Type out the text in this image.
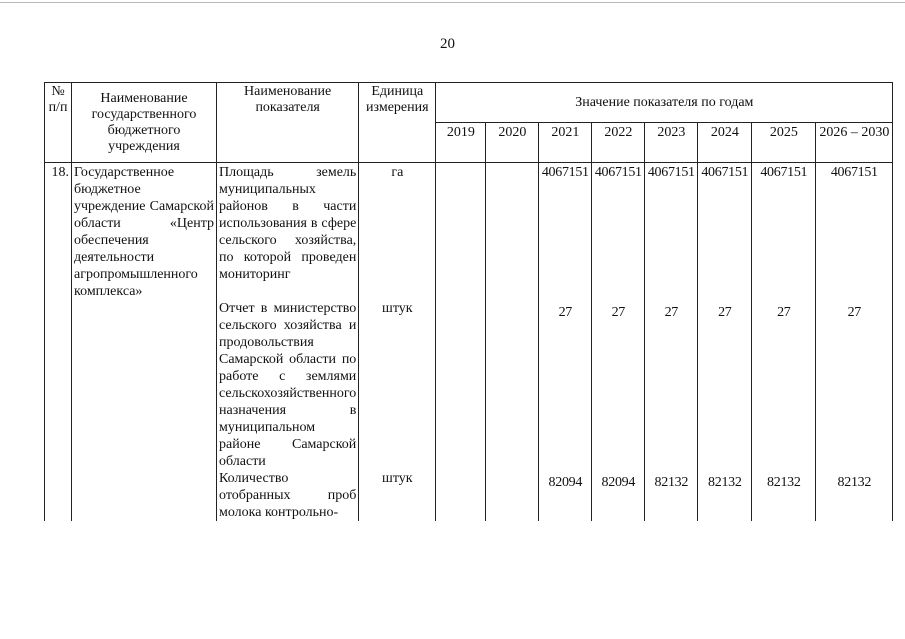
20
№ п/п	Наименование государственного бюджетного учреждения	Наименование показателя	Единица измерения	Значение показателя по годам							
				2019	2020	2021	2022	2023	2024	2025	2026 – 2030
18.	Государственное бюджетное учреждение Самарской области «Центр обеспечения деятельности агропромышленного комплекса»	Площадь земель муниципальных районов в части использования в сфере сельского хозяйства, по которой проведен мониторинг	га			4067151	4067151	4067151	4067151	4067151	4067151
		Отчет в министерство сельского хозяйства и продовольствия Самарской области по работе с землями сельскохозяйственного назначения в муниципальном районе Самарской области	штук			27	27	27	27	27	27
		Количество отобранных проб молока контрольно-	штук			82094	82094	82132	82132	82132	82132
